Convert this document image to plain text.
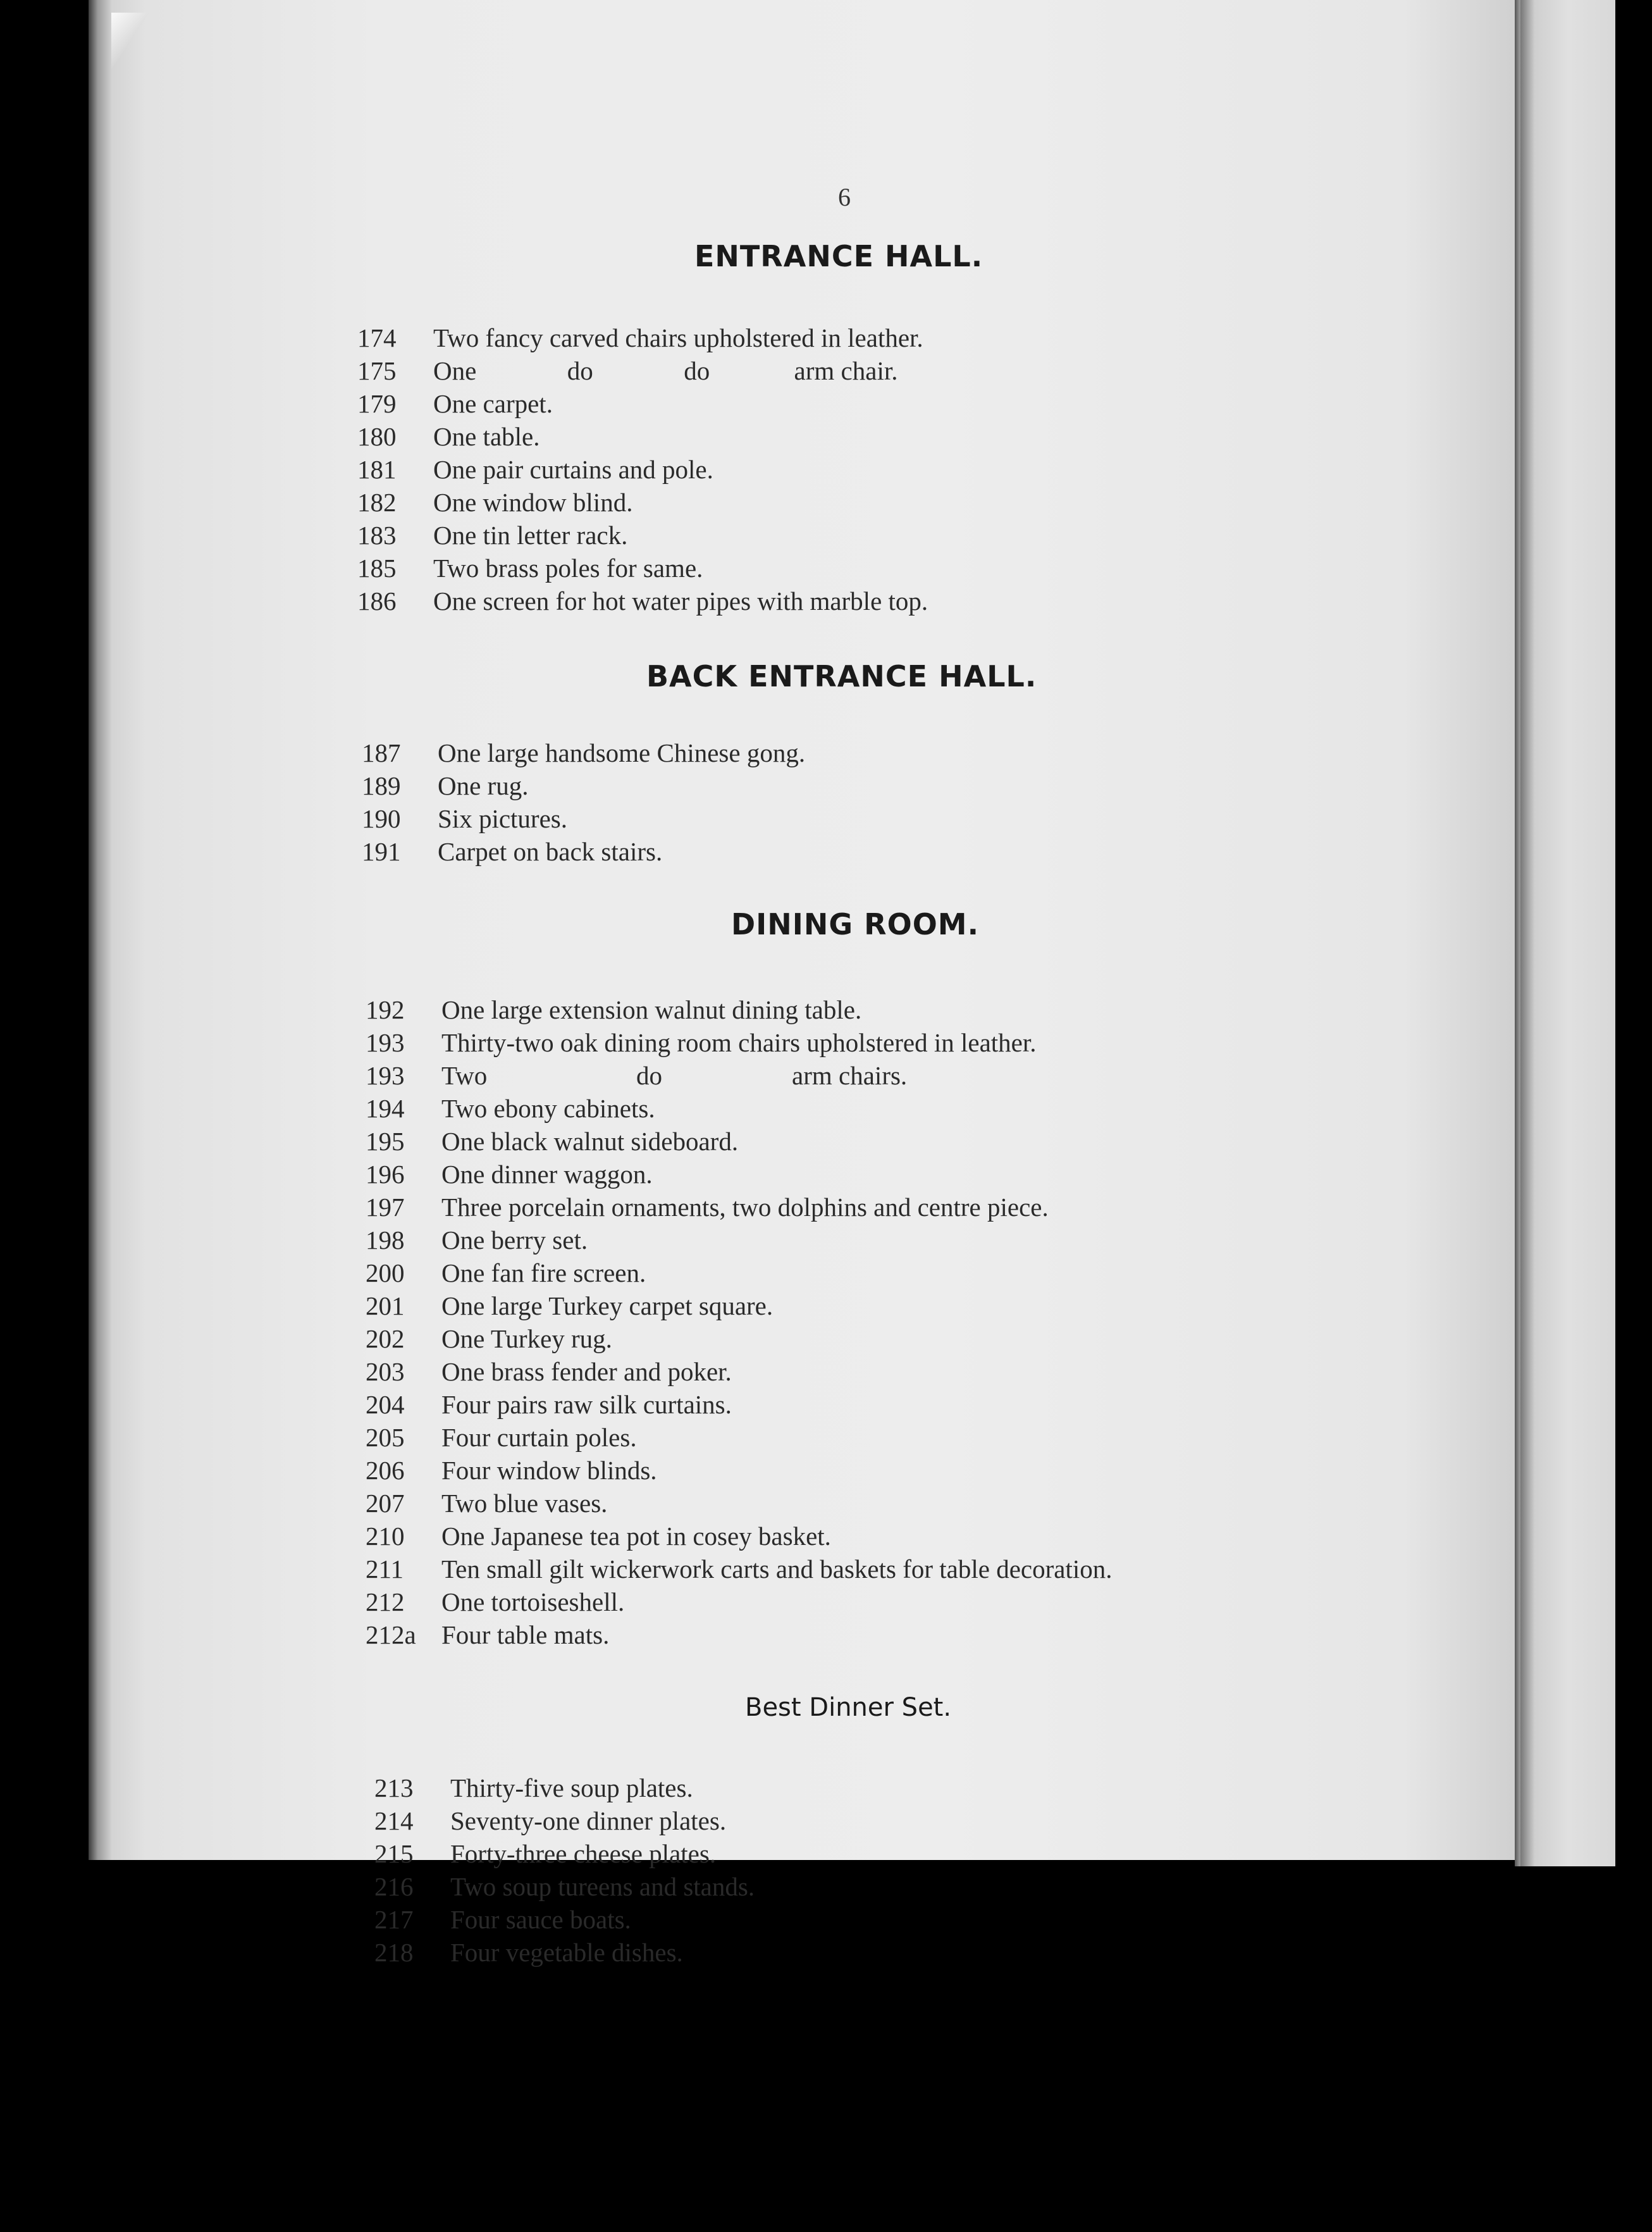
6
ENTRANCE HALL.
174	Two fancy carved chairs upholstered in leather.
175	One              do              do             arm chair.
179	One carpet.
180	One table.
181	One pair curtains and pole.
182	One window blind.
183	One tin letter rack.
185	Two brass poles for same.
186	One screen for hot water pipes with marble top.
BACK ENTRANCE HALL.
187	One large handsome Chinese gong.
189	One rug.
190	Six pictures.
191	Carpet on back stairs.
DINING ROOM.
192	One large extension walnut dining table.
193	Thirty-two oak dining room chairs upholstered in leather.
193	Two                       do                    arm chairs.
194	Two ebony cabinets.
195	One black walnut sideboard.
196	One dinner waggon.
197	Three porcelain ornaments, two dolphins and centre piece.
198	One berry set.
200	One fan fire screen.
201	One large Turkey carpet square.
202	One Turkey rug.
203	One brass fender and poker.
204	Four pairs raw silk curtains.
205	Four curtain poles.
206	Four window blinds.
207	Two blue vases.
210	One Japanese tea pot in cosey basket.
211	Ten small gilt wickerwork carts and baskets for table decoration.
212	One tortoiseshell.
212a Four table mats.
Best Dinner Set.
213	Thirty-five soup plates.
214	Seventy-one dinner plates.
215	Forty-three cheese plates.
216	Two soup tureens and stands.
217	Four sauce boats.
218	Four vegetable dishes.
